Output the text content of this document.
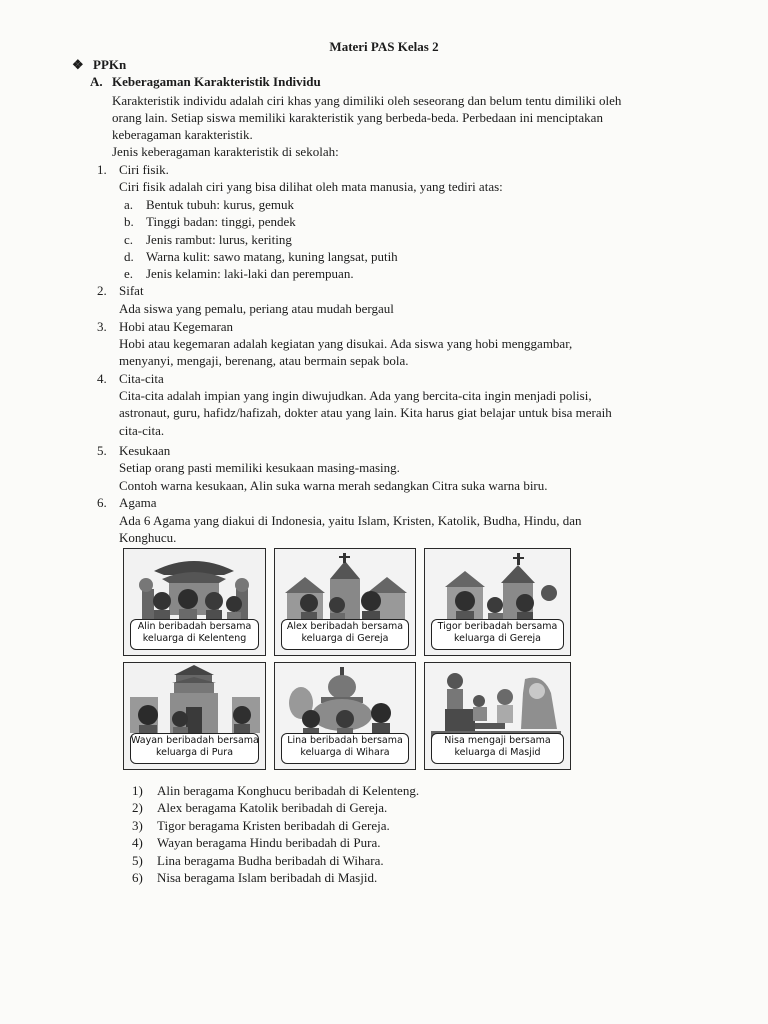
Materi PAS Kelas 2
❖ PPKn
A. Keberagaman Karakteristik Individu
Karakteristik individu adalah ciri khas yang dimiliki oleh seseorang dan belum tentu dimiliki oleh
orang lain. Setiap siswa memiliki karakteristik yang berbeda-beda. Perbedaan ini menciptakan
keberagaman karakteristik.
Jenis keberagaman karakteristik di sekolah:
1. Ciri fisik.
Ciri fisik adalah ciri yang bisa dilihat oleh mata manusia, yang tediri atas:
a. Bentuk tubuh: kurus, gemuk
b. Tinggi badan: tinggi, pendek
c. Jenis rambut: lurus, keriting
d. Warna kulit: sawo matang, kuning langsat, putih
e. Jenis kelamin: laki-laki dan perempuan.
2. Sifat
Ada siswa yang pemalu, periang atau mudah bergaul
3. Hobi atau Kegemaran
Hobi atau kegemaran adalah kegiatan yang disukai. Ada siswa yang hobi menggambar,
menyanyi, mengaji, berenang, atau bermain sepak bola.
4. Cita-cita
Cita-cita adalah impian yang ingin diwujudkan. Ada yang bercita-cita ingin menjadi polisi,
astronaut, guru, hafidz/hafizah, dokter atau yang lain. Kita harus giat belajar untuk bisa meraih
cita-cita.
5. Kesukaan
Setiap orang pasti memiliki kesukaan masing-masing.
Contoh warna kesukaan, Alin suka warna merah sedangkan Citra suka warna biru.
6. Agama
Ada 6 Agama yang diakui di Indonesia, yaitu Islam, Kristen, Katolik, Budha, Hindu, dan
Konghucu.
Alin beribadah bersama
keluarga di Kelenteng
Alex beribadah bersama
keluarga di Gereja
Tigor beribadah bersama
keluarga di Gereja
Wayan beribadah bersama
keluarga di Pura
Lina beribadah bersama
keluarga di Wihara
Nisa mengaji bersama
keluarga di Masjid
1) Alin beragama Konghucu beribadah di Kelenteng.
2) Alex beragama Katolik beribadah di Gereja.
3) Tigor beragama Kristen beribadah di Gereja.
4) Wayan beragama Hindu beribadah di Pura.
5) Lina beragama Budha beribadah di Wihara.
6) Nisa beragama Islam beribadah di Masjid.
